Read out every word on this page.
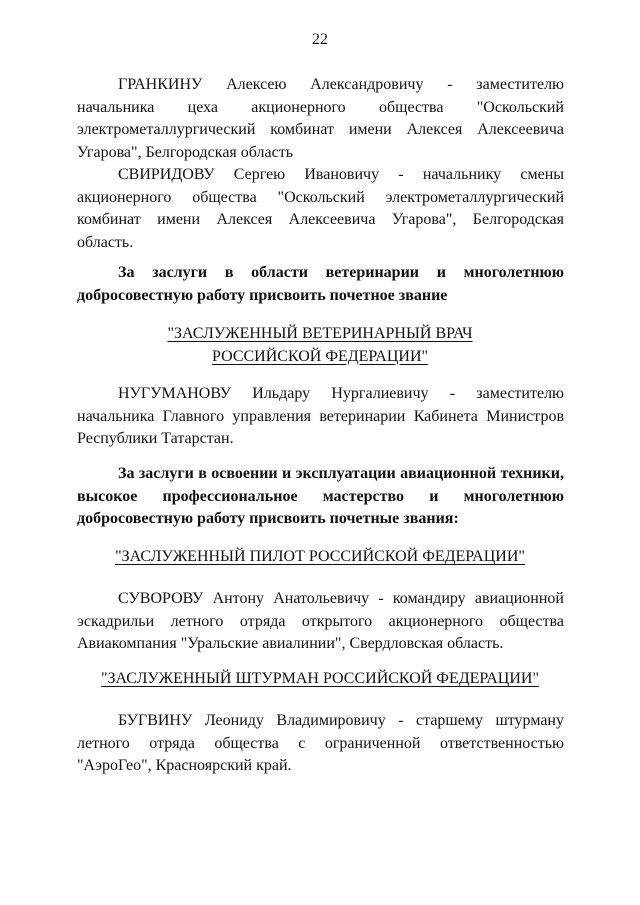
22
ГРАНКИНУ Алексею Александровичу - заместителю
начальника цеха акционерного общества "Оскольский
электрометаллургический комбинат имени Алексея Алексеевича
Угарова", Белгородская область
СВИРИДОВУ Сергею Ивановичу - начальнику смены
акционерного общества "Оскольский электрометаллургический
комбинат имени Алексея Алексеевича Угарова", Белгородская
область.
За заслуги в области ветеринарии и многолетнюю
добросовестную работу присвоить почетное звание
"ЗАСЛУЖЕННЫЙ ВЕТЕРИНАРНЫЙ ВРАЧ
РОССИЙСКОЙ ФЕДЕРАЦИИ"
НУГУМАНОВУ Ильдару Нургалиевичу - заместителю
начальника Главного управления ветеринарии Кабинета Министров
Республики Татарстан.
За заслуги в освоении и эксплуатации авиационной техники,
высокое профессиональное мастерство и многолетнюю
добросовестную работу присвоить почетные звания:
"ЗАСЛУЖЕННЫЙ ПИЛОТ РОССИЙСКОЙ ФЕДЕРАЦИИ"
СУВОРОВУ Антону Анатольевичу - командиру авиационной
эскадрильи летного отряда открытого акционерного общества
Авиакомпания "Уральские авиалинии", Свердловская область.
"ЗАСЛУЖЕННЫЙ ШТУРМАН РОССИЙСКОЙ ФЕДЕРАЦИИ"
БУГВИНУ Леониду Владимировичу - старшему штурману
летного отряда общества с ограниченной ответственностью
"АэроГео", Красноярский край.
